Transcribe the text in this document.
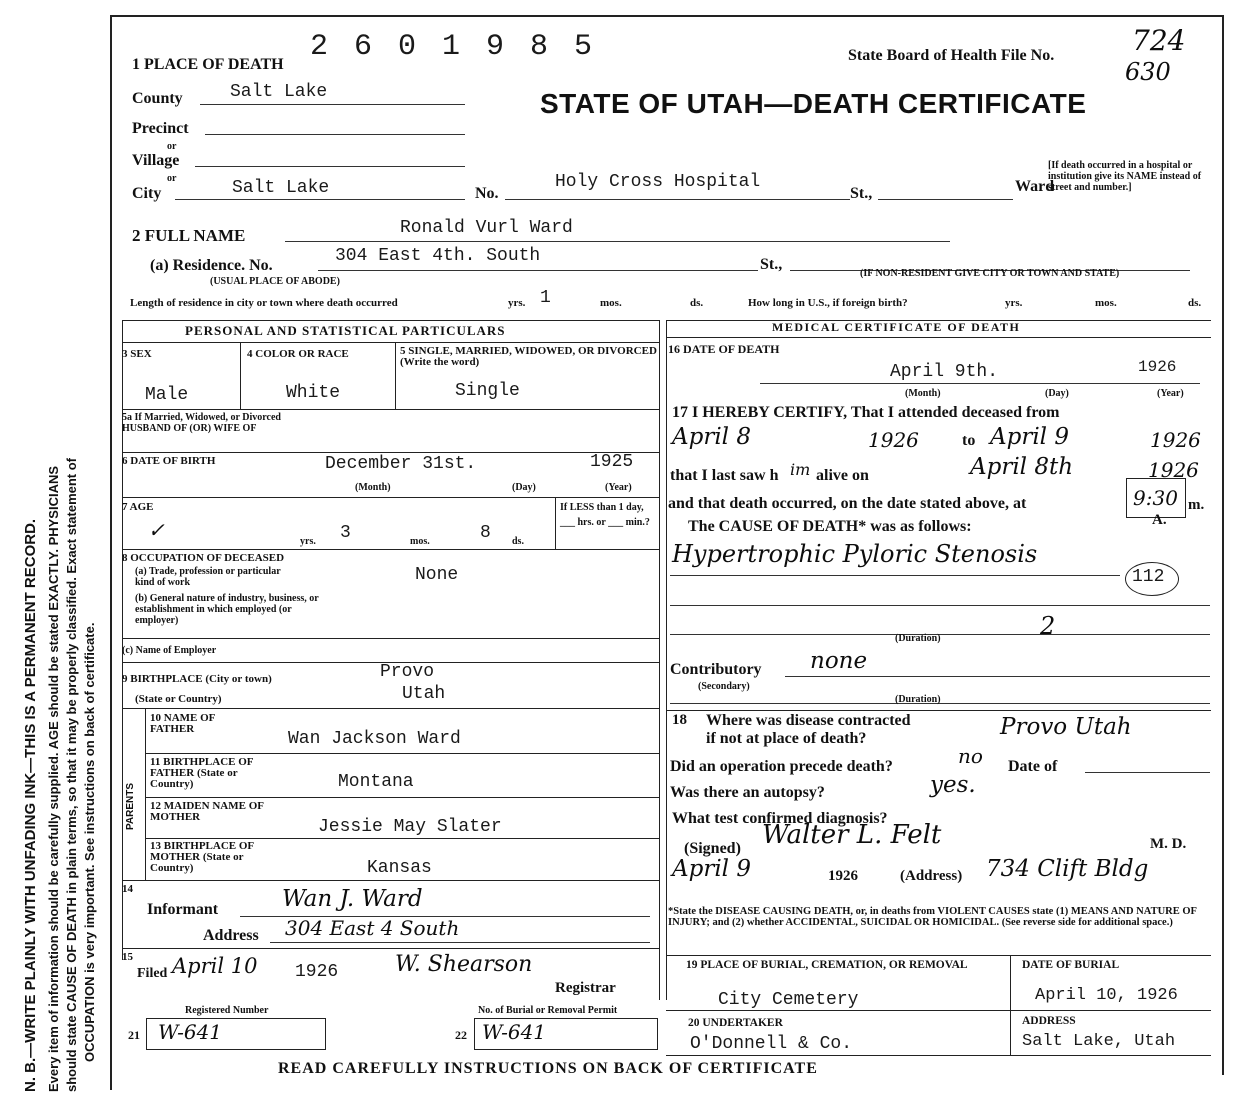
N. B.—WRITE PLAINLY WITH UNFADING INK—THIS IS A PERMANENT RECORD. Every item of information should be carefully supplied. AGE should be stated EXACTLY. PHYSICIANS should state CAUSE OF DEATH in plain terms, so that it may be properly classified. Exact statement of OCCUPATION is very important. See instructions on back of certificate.
2 6 0 1 9 8 5	State Board of Health File No.	724
630
STATE OF UTAH—DEATH CERTIFICATE
1 PLACE OF DEATH
County	Salt Lake
Precinct
or
Village
or
City	Salt Lake	No.
Holy Cross Hospital
St.,	Ward
[If death occurred in a hospital or institution give its NAME instead of street and number.]
2 FULL NAME	Ronald Vurl Ward
(a) Residence. No.	304 East 4th. South	St.,
(USUAL PLACE OF ABODE)
(IF NON-RESIDENT GIVE CITY OR TOWN AND STATE)
Length of residence in city or town where death occurred	yrs. 1	mos.	ds.	How long in U.S., if foreign birth?	yrs.	mos.	ds.
PERSONAL AND STATISTICAL PARTICULARS
3 SEX
Male
4 COLOR OR RACE
White
5 SINGLE, MARRIED, WIDOWED, OR DIVORCED (Write the word)
Single
5a If Married, Widowed, or Divorced HUSBAND OF (OR) WIFE OF
6 DATE OF BIRTH	December 31st.	1925
(Month)	(Day)	(Year)
7 AGE
✓	yrs. 3	mos.	8 ds.
If LESS than 1 day, ___ hrs. or ___ min.?
8 OCCUPATION OF DECEASED
(a) Trade, profession or particular kind of work
(b) General nature of industry, business, or establishment in which employed (or employer)
None
(c) Name of Employer
9 BIRTHPLACE (City or town)	Provo
(State or Country)	Utah
PARENTS
10 NAME OF FATHER	Wan Jackson Ward
11 BIRTHPLACE OF FATHER (State or Country)	Montana
12 MAIDEN NAME OF MOTHER	Jessie May Slater
13 BIRTHPLACE OF MOTHER (State or Country)	Kansas
14
Informant	Wan J. Ward
Address 304 East 4 South
15
Filed April 10 1926	W. Shearson
Registrar
Registered Number
21 W-641
No. of Burial or Removal Permit
22 W-641
MEDICAL CERTIFICATE OF DEATH
16 DATE OF DEATH
April 9th.	1926
(Month)	(Day)	(Year)
17 I HEREBY CERTIFY, That I attended deceased from
April 8	1926	to April 9	1926
that I last saw h im alive on	April 8th	1926
and that death occurred, on the date stated above, at	9:30 m.
A.
The CAUSE OF DEATH* was as follows:
Hypertrophic Pyloric Stenosis
112
(Duration)	2
Contributory
(Secondary)
none
(Duration)
18 Where was disease contracted
if not at place of death?	Provo Utah
Did an operation precede death?	no Date of
Was there an autopsy?	yes.
What test confirmed diagnosis?
(Signed) Walter L. Felt	M. D.
April 9	1926	(Address) 734 Clift Bldg
*State the DISEASE CAUSING DEATH, or, in deaths from VIOLENT CAUSES state (1) MEANS AND NATURE OF INJURY; and (2) whether ACCIDENTAL, SUICIDAL OR HOMICIDAL. (See reverse side for additional space.)
19 PLACE OF BURIAL, CREMATION, OR REMOVAL
City Cemetery
DATE OF BURIAL
April 10, 1926
20 UNDERTAKER
O'Donnell & Co.
ADDRESS
Salt Lake, Utah
READ CAREFULLY INSTRUCTIONS ON BACK OF CERTIFICATE
